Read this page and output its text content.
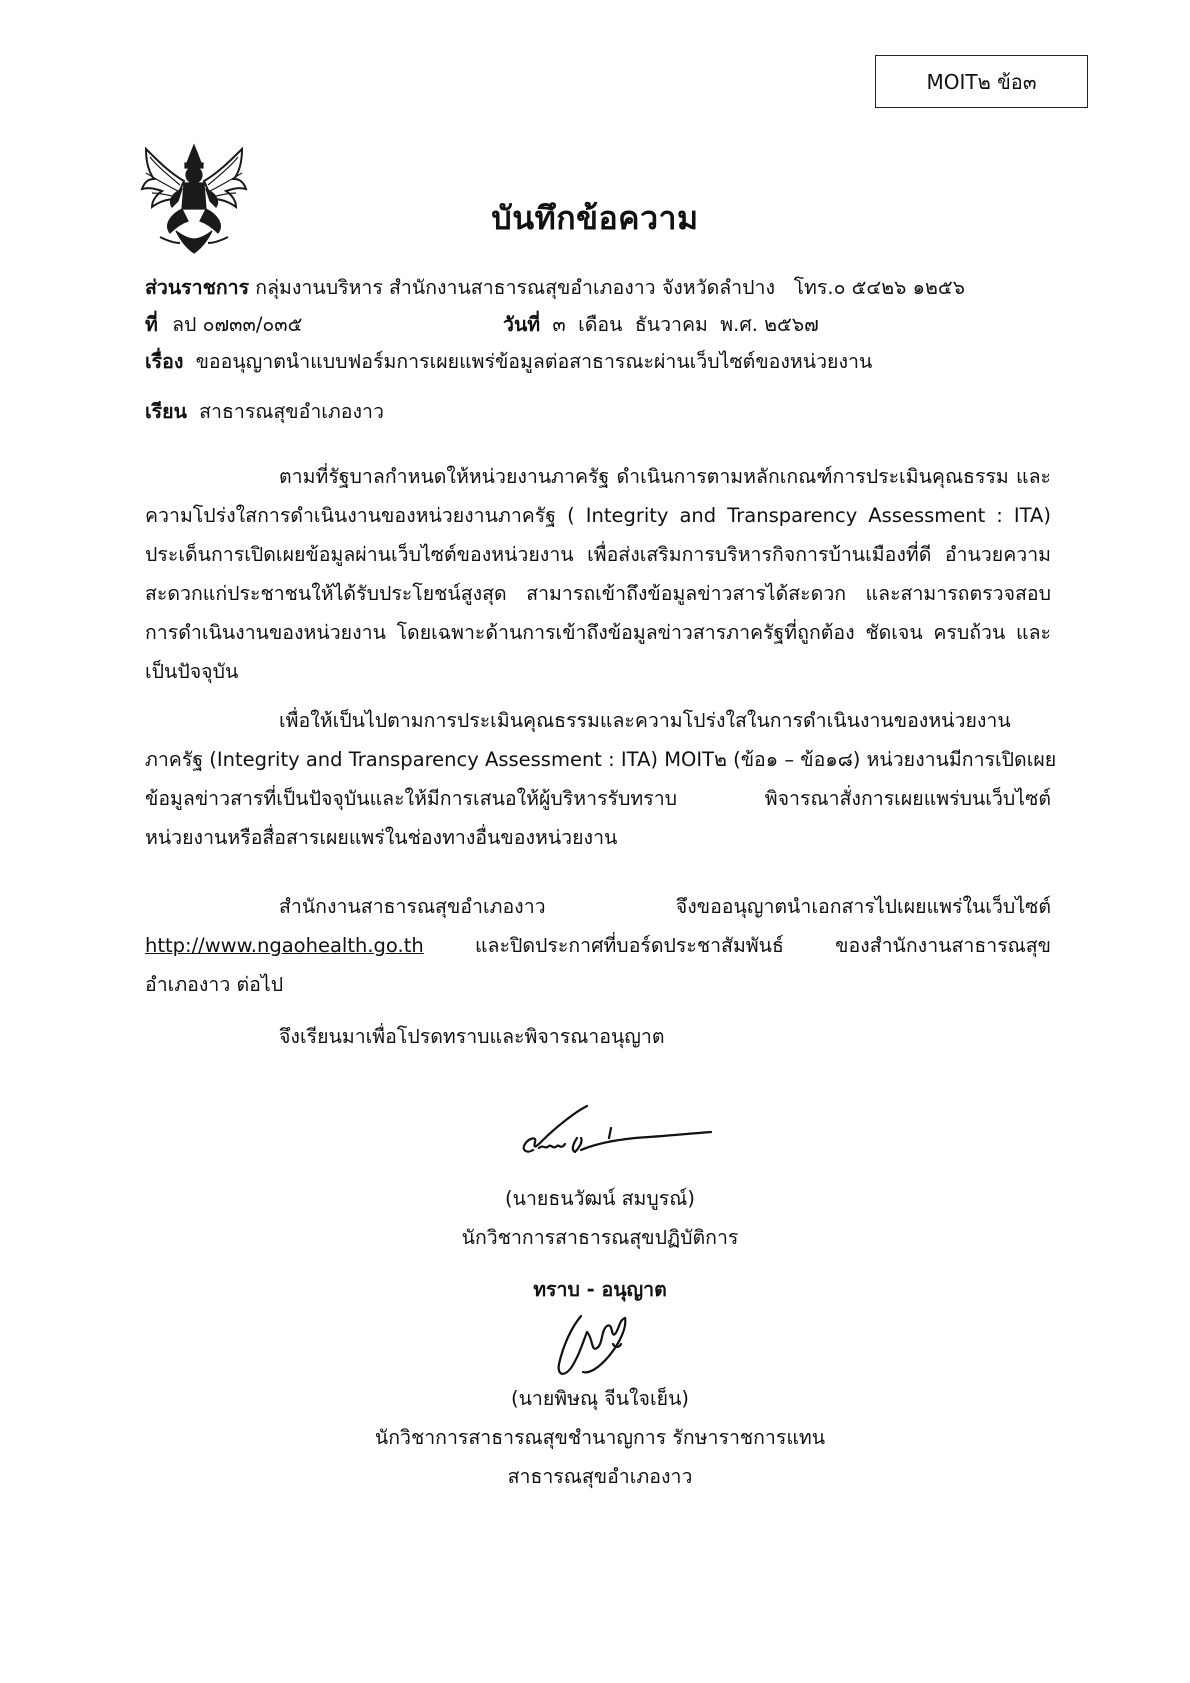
MOIT๒ ข้อ๓
บันทึกข้อความ
ส่วนราชการ กลุ่มงานบริหาร สำนักงานสาธารณสุขอำเภองาว จังหวัดลำปาง   โทร.๐ ๕๔๒๖ ๑๒๕๖
ที่ ลป ๐๗๓๓/๐๓๕	วันที่ ๓  เดือน  ธันวาคม  พ.ศ. ๒๕๖๗
เรื่อง ขออนุญาตนำแบบฟอร์มการเผยแพร่ข้อมูลต่อสาธารณะผ่านเว็บไซต์ของหน่วยงาน
เรียน สาธารณสุขอำเภองาว
ตามที่รัฐบาลกำหนดให้หน่วยงานภาครัฐ ดำเนินการตามหลักเกณฑ์การประเมินคุณธรรม และ
ความโปร่งใสการดำเนินงานของหน่วยงานภาครัฐ ( Integrity and Transparency Assessment : ITA)
ประเด็นการเปิดเผยข้อมูลผ่านเว็บไซต์ของหน่วยงาน เพื่อส่งเสริมการบริหารกิจการบ้านเมืองที่ดี อำนวยความ
สะดวกแก่ประชาชนให้ได้รับประโยชน์สูงสุด สามารถเข้าถึงข้อมูลข่าวสารได้สะดวก และสามารถตรวจสอบ
การดำเนินงานของหน่วยงาน โดยเฉพาะด้านการเข้าถึงข้อมูลข่าวสารภาครัฐที่ถูกต้อง ชัดเจน ครบถ้วน และ
เป็นปัจจุบัน
เพื่อให้เป็นไปตามการประเมินคุณธรรมและความโปร่งใสในการดำเนินงานของหน่วยงาน
ภาครัฐ (Integrity and Transparency Assessment : ITA) MOIT๒ (ข้อ๑ – ข้อ๑๘) หน่วยงานมีการเปิดเผย
ข้อมูลข่าวสารที่เป็นปัจจุบันและให้มีการเสนอให้ผู้บริหารรับทราบ พิจารณาสั่งการเผยแพร่บนเว็บไซต์
หน่วยงานหรือสื่อสารเผยแพร่ในช่องทางอื่นของหน่วยงาน
สำนักงานสาธารณสุขอำเภองาว จึงขออนุญาตนำเอกสารไปเผยแพร่ในเว็บไซต์
http://www.ngaohealth.go.th และปิดประกาศที่บอร์ดประชาสัมพันธ์ ของสำนักงานสาธารณสุข
อำเภองาว ต่อไป
จึงเรียนมาเพื่อโปรดทราบและพิจารณาอนุญาต
(นายธนวัฒน์ สมบูรณ์)
นักวิชาการสาธารณสุขปฏิบัติการ
ทราบ - อนุญาต
(นายพิษณุ จีนใจเย็น)
นักวิชาการสาธารณสุขชำนาญการ รักษาราชการแทน
สาธารณสุขอำเภองาว
